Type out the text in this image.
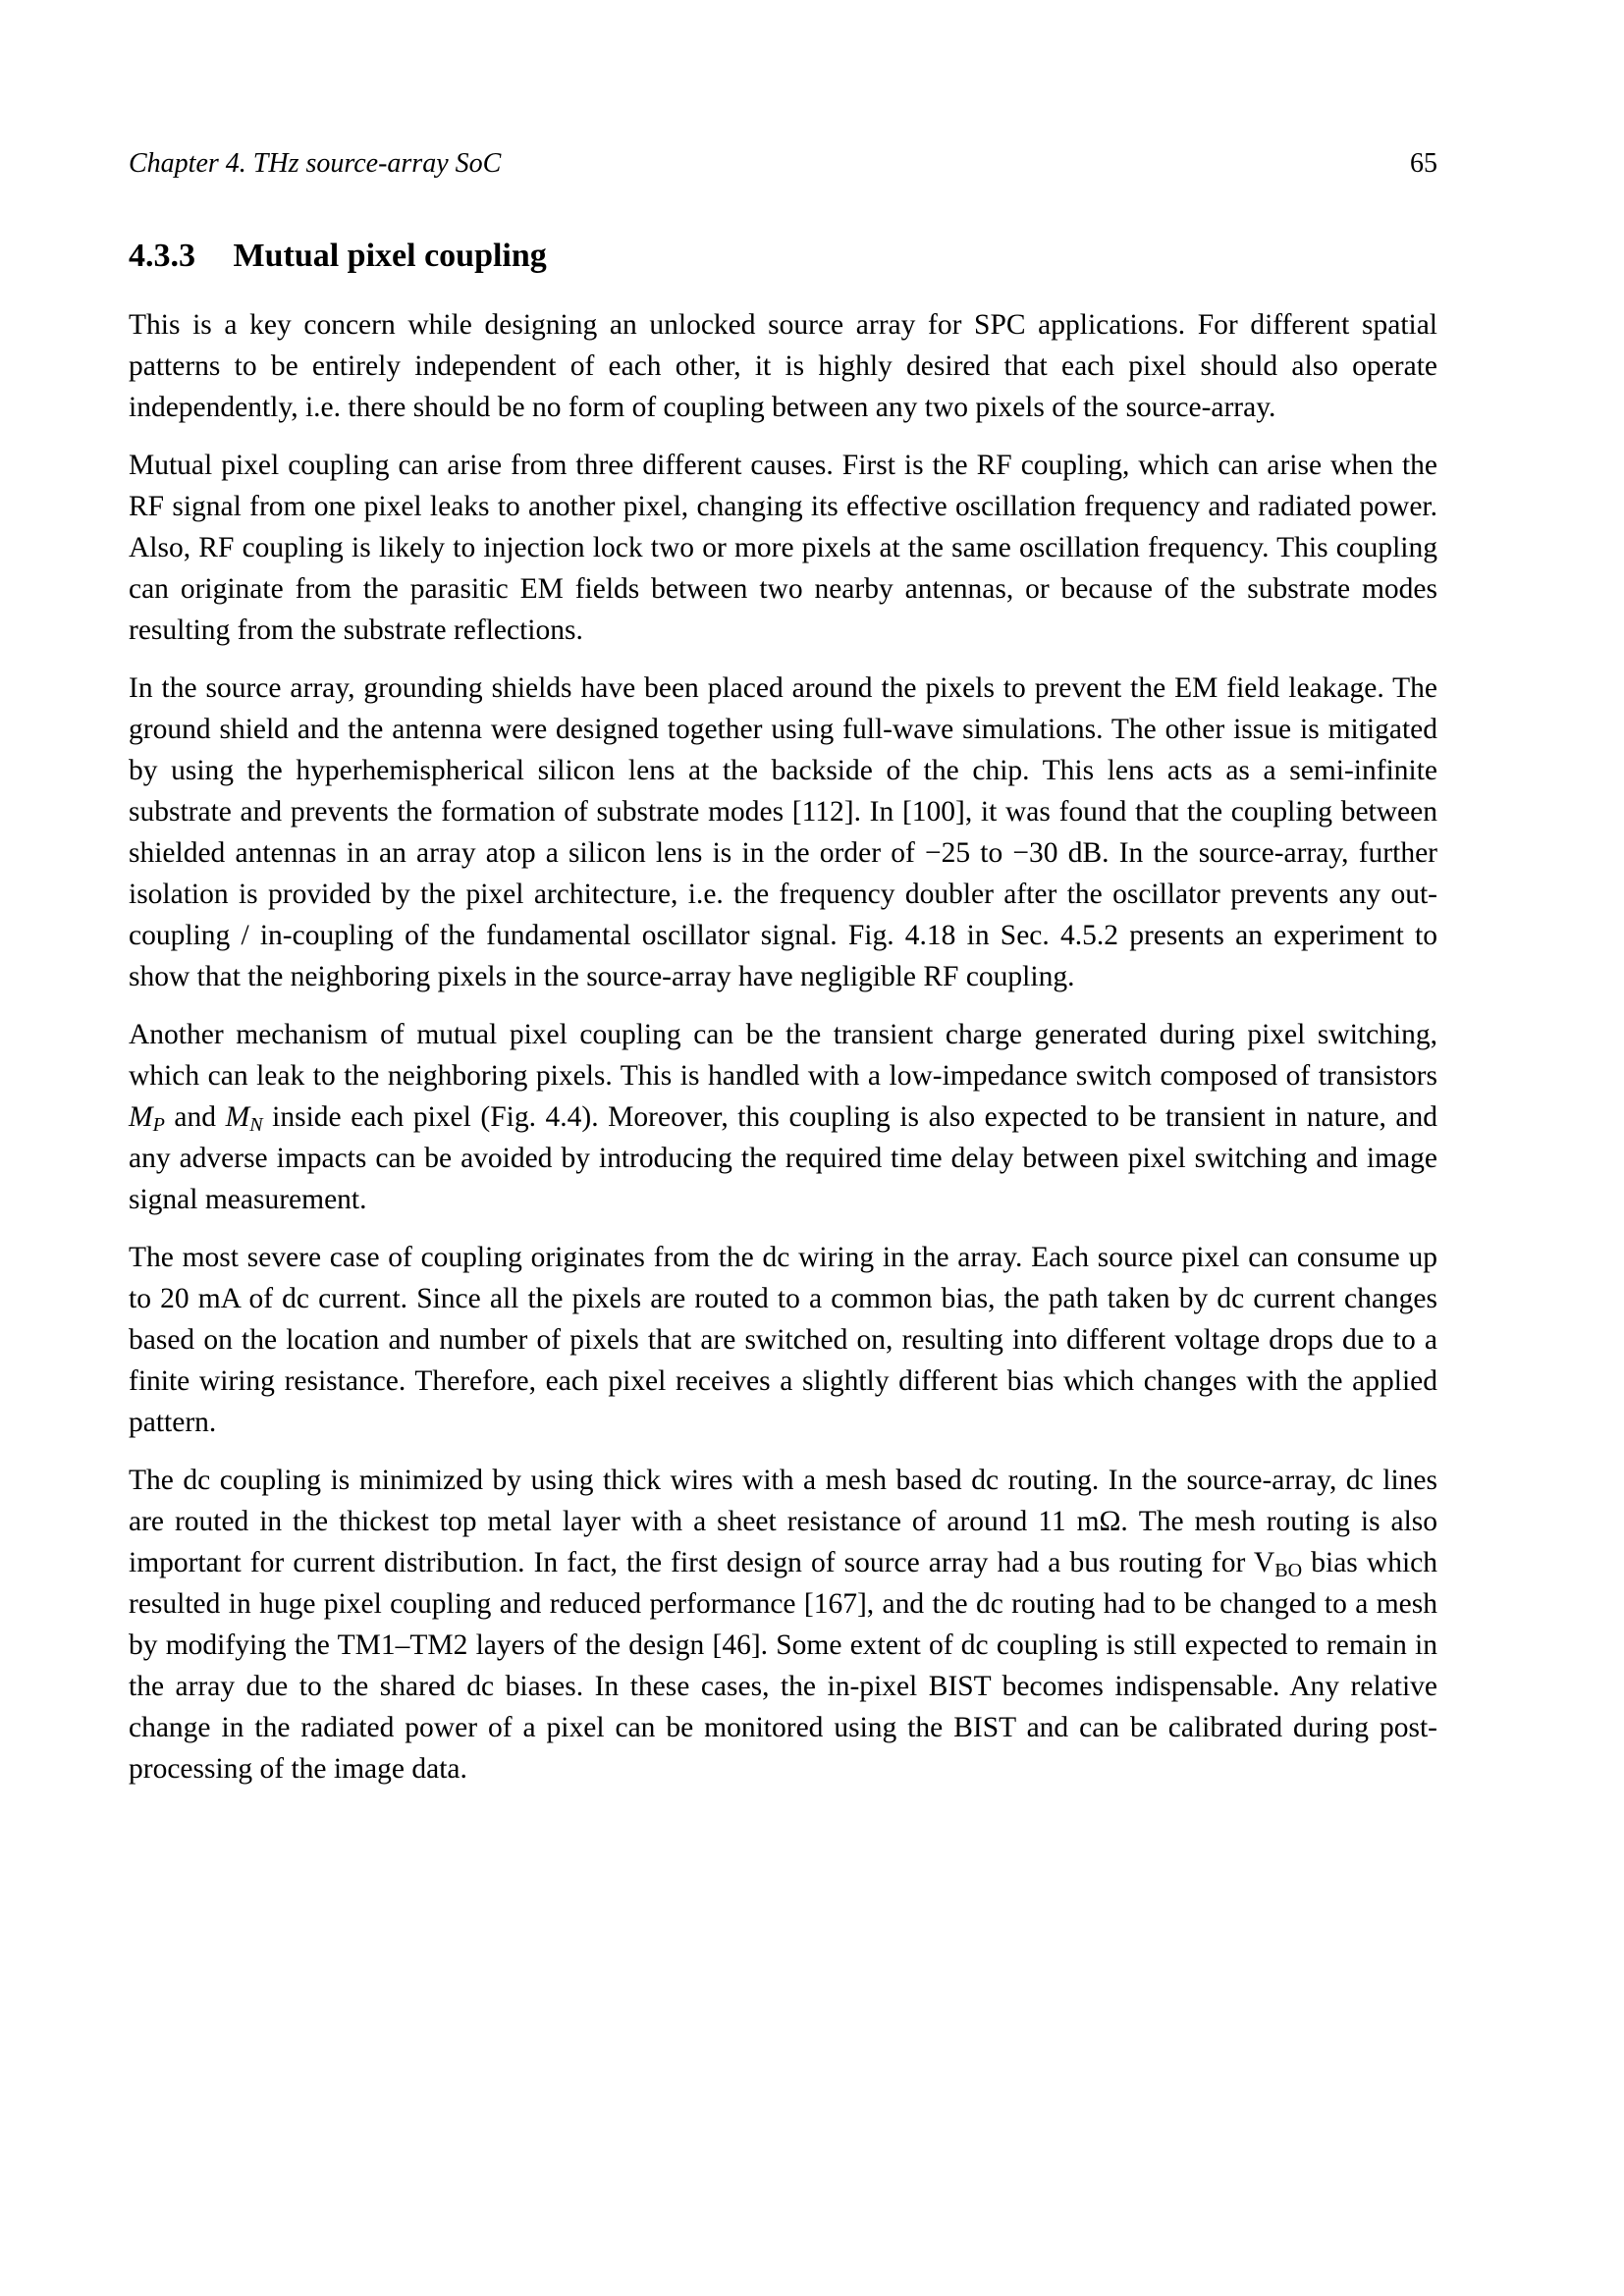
Chapter 4. THz source-array SoC	65
4.3.3 Mutual pixel coupling

This is a key concern while designing an unlocked source array for SPC applications. For different spatial patterns to be entirely independent of each other, it is highly desired that each pixel should also operate independently, i.e. there should be no form of coupling between any two pixels of the source-array.

Mutual pixel coupling can arise from three different causes. First is the RF coupling, which can arise when the RF signal from one pixel leaks to another pixel, changing its effective oscillation frequency and radiated power. Also, RF coupling is likely to injection lock two or more pixels at the same oscillation frequency. This coupling can originate from the parasitic EM fields between two nearby antennas, or because of the substrate modes resulting from the substrate reflections.

In the source array, grounding shields have been placed around the pixels to prevent the EM field leakage. The ground shield and the antenna were designed together using full-wave simulations. The other issue is mitigated by using the hyperhemispherical silicon lens at the backside of the chip. This lens acts as a semi-infinite substrate and prevents the formation of substrate modes [112]. In [100], it was found that the coupling between shielded antennas in an array atop a silicon lens is in the order of −25 to −30 dB. In the source-array, further isolation is provided by the pixel architecture, i.e. the frequency doubler after the oscillator prevents any out-coupling / in-coupling of the fundamental oscillator signal. Fig. 4.18 in Sec. 4.5.2 presents an experiment to show that the neighboring pixels in the source-array have negligible RF coupling.

Another mechanism of mutual pixel coupling can be the transient charge generated during pixel switching, which can leak to the neighboring pixels. This is handled with a low-impedance switch composed of transistors $M_P$ and $M_N$ inside each pixel (Fig. 4.4). Moreover, this coupling is also expected to be transient in nature, and any adverse impacts can be avoided by introducing the required time delay between pixel switching and image signal measurement.

The most severe case of coupling originates from the dc wiring in the array. Each source pixel can consume up to 20 mA of dc current. Since all the pixels are routed to a common bias, the path taken by dc current changes based on the location and number of pixels that are switched on, resulting into different voltage drops due to a finite wiring resistance. Therefore, each pixel receives a slightly different bias which changes with the applied pattern.

The dc coupling is minimized by using thick wires with a mesh based dc routing. In the source-array, dc lines are routed in the thickest top metal layer with a sheet resistance of around 11 mΩ. The mesh routing is also important for current distribution. In fact, the first design of source array had a bus routing for $V_{BO}$ bias which resulted in huge pixel coupling and reduced performance [167], and the dc routing had to be changed to a mesh by modifying the TM1–TM2 layers of the design [46]. Some extent of dc coupling is still expected to remain in the array due to the shared dc biases. In these cases, the in-pixel BIST becomes indispensable. Any relative change in the radiated power of a pixel can be monitored using the BIST and can be calibrated during post-processing of the image data.
